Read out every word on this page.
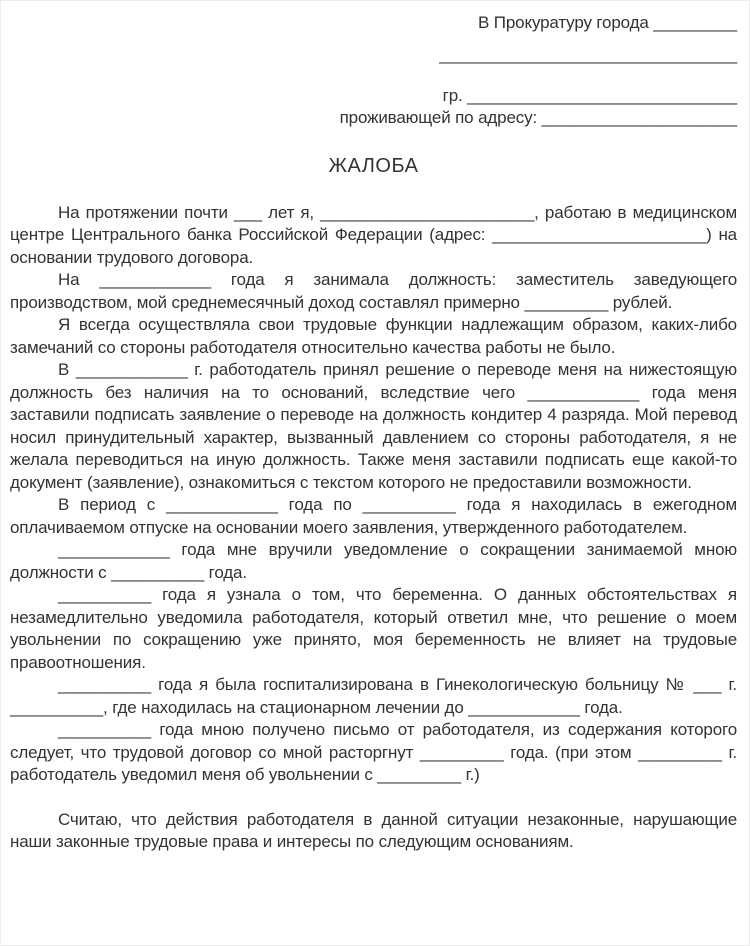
В Прокуратуру города _________
________________________________
гр. _____________________________
проживающей по адресу: _____________________
ЖАЛОБА

На протяжении почти ___ лет я, _______________________, работаю в медицинском центре Центрального банка Российской Федерации (адрес: _______________________) на основании трудового договора.

На ____________ года я занимала должность: заместитель заведующего производством, мой среднемесячный доход составлял примерно _________ рублей.

Я всегда осуществляла свои трудовые функции надлежащим образом, каких-либо замечаний со стороны работодателя относительно качества работы не было.

В ____________ г. работодатель принял решение о переводе меня на нижестоящую должность без наличия на то оснований, вследствие чего ____________ года меня заставили подписать заявление о переводе на должность кондитер 4 разряда. Мой перевод носил принудительный характер, вызванный давлением со стороны работодателя, я не желала переводиться на иную должность. Также меня заставили подписать еще какой-то документ (заявление), ознакомиться с текстом которого не предоставили возможности.

В период с ____________ года по __________ года я находилась в ежегодном оплачиваемом отпуске на основании моего заявления, утвержденного работодателем.

____________ года мне вручили уведомление о сокращении занимаемой мною должности с __________ года.

__________ года я узнала о том, что беременна. О данных обстоятельствах я незамедлительно уведомила работодателя, который ответил мне, что решение о моем увольнении по сокращению уже принято, моя беременность не влияет на трудовые правоотношения.

__________ года я была госпитализирована в Гинекологическую больницу № ___ г. __________, где находилась на стационарном лечении до ____________ года.

__________ года мною получено письмо от работодателя, из содержания которого следует, что трудовой договор со мной расторгнут _________ года. (при этом _________ г. работодатель уведомил меня об увольнении с _________ г.)

Считаю, что действия работодателя в данной ситуации незаконные, нарушающие наши законные трудовые права и интересы по следующим основаниям.
